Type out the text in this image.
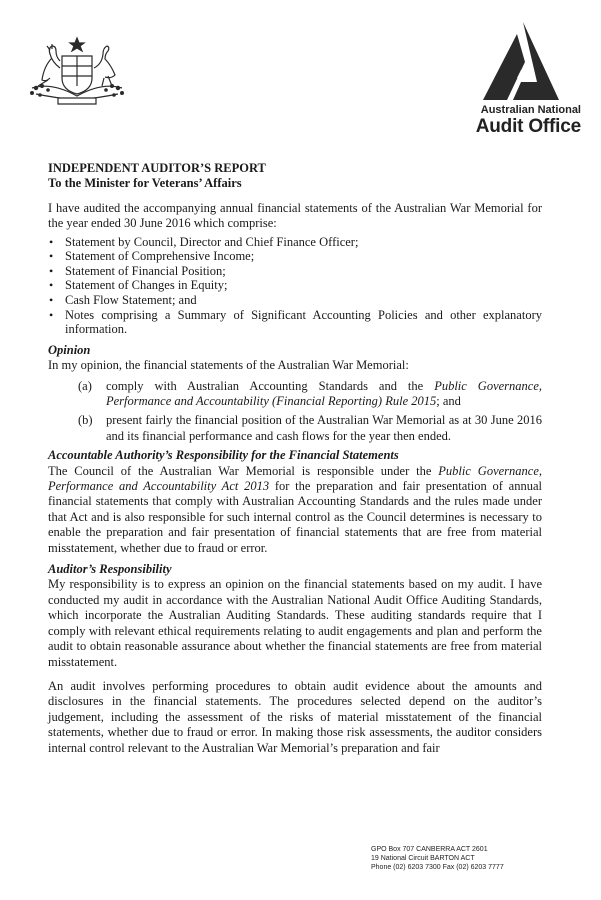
Australian National
Audit Office

INDEPENDENT AUDITOR’S REPORT

To the Minister for Veterans’ Affairs

I have audited the accompanying annual financial statements of the Australian War Memorial for the year ended 30 June 2016 which comprise:

• Statement by Council, Director and Chief Finance Officer;
• Statement of Comprehensive Income;
• Statement of Financial Position;
• Statement of Changes in Equity;
• Cash Flow Statement; and
• Notes comprising a Summary of Significant Accounting Policies and other explanatory information.

Opinion

In my opinion, the financial statements of the Australian War Memorial:

(a) comply with Australian Accounting Standards and the Public Governance, Performance and Accountability (Financial Reporting) Rule 2015; and

(b) present fairly the financial position of the Australian War Memorial as at 30 June 2016 and its financial performance and cash flows for the year then ended.

Accountable Authority’s Responsibility for the Financial Statements

The Council of the Australian War Memorial is responsible under the Public Governance, Performance and Accountability Act 2013 for the preparation and fair presentation of annual financial statements that comply with Australian Accounting Standards and the rules made under that Act and is also responsible for such internal control as the Council determines is necessary to enable the preparation and fair presentation of financial statements that are free from material misstatement, whether due to fraud or error.

Auditor’s Responsibility

My responsibility is to express an opinion on the financial statements based on my audit. I have conducted my audit in accordance with the Australian National Audit Office Auditing Standards, which incorporate the Australian Auditing Standards. These auditing standards require that I comply with relevant ethical requirements relating to audit engagements and plan and perform the audit to obtain reasonable assurance about whether the financial statements are free from material misstatement.

An audit involves performing procedures to obtain audit evidence about the amounts and disclosures in the financial statements. The procedures selected depend on the auditor’s judgement, including the assessment of the risks of material misstatement of the financial statements, whether due to fraud or error. In making those risk assessments, the auditor considers internal control relevant to the Australian War Memorial’s preparation and fair

GPO Box 707 CANBERRA ACT 2601
19 National Circuit BARTON ACT
Phone (02) 6203 7300 Fax (02) 6203 7777
